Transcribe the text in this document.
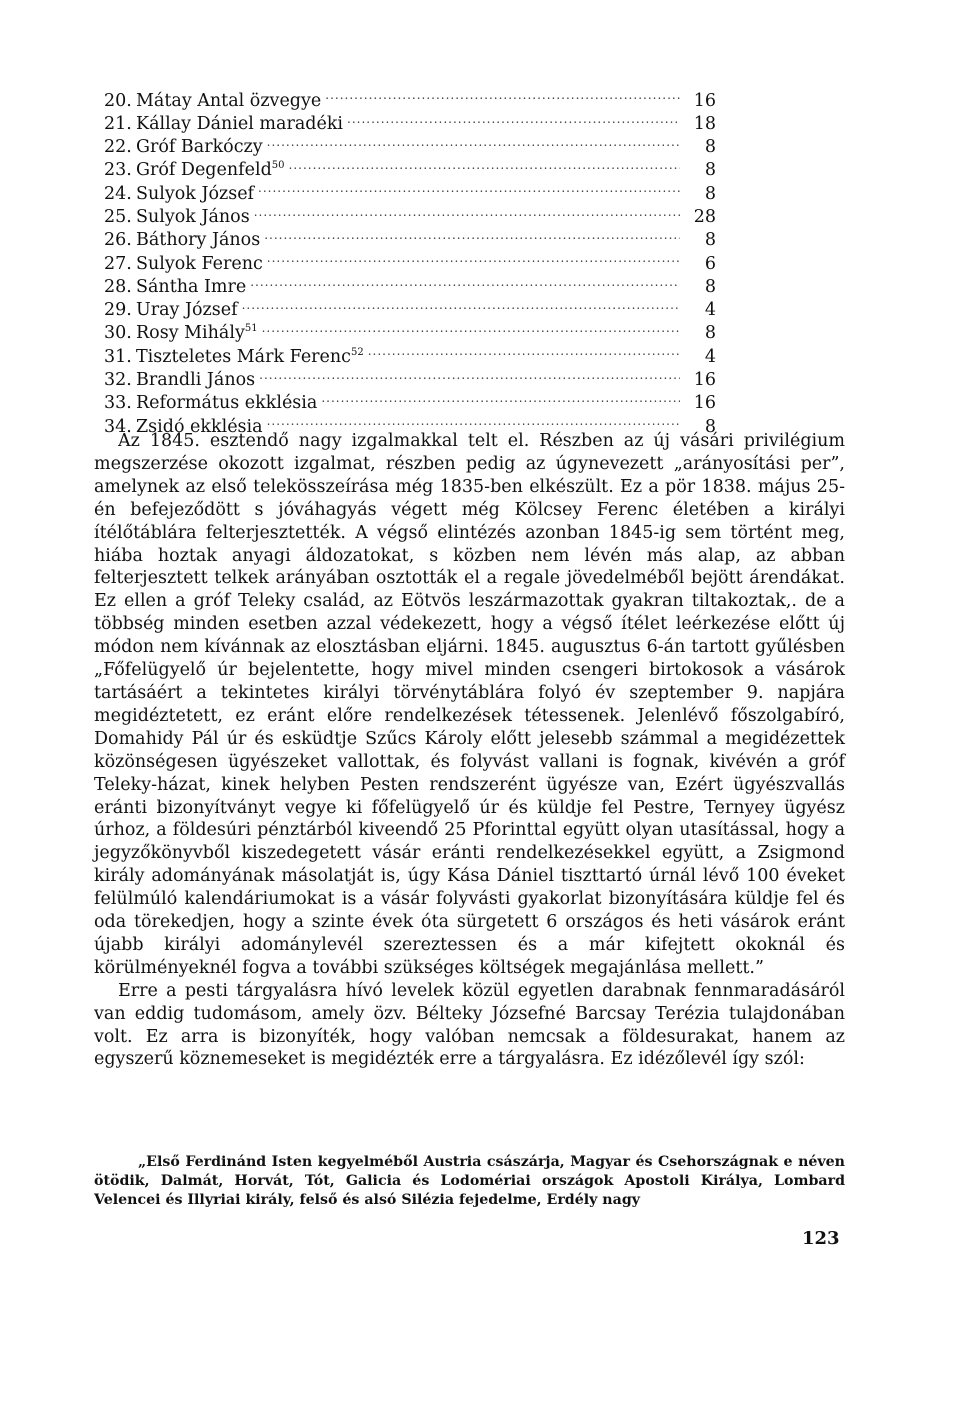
20. Mátay Antal özvegye .....	16
21. Kállay Dániel maradéki .....	18
22. Gróf Barkóczy .....	8
23. Gróf Degenfeld$^{50}$ .....	8
24. Sulyok József .....	8
25. Sulyok János .....	28
26. Báthory János .....	8
27. Sulyok Ferenc .....	6
28. Sántha Imre .....	8
29. Uray József .....	4
30. Rosy Mihály$^{51}$ .....	8
31. Tiszteletes Márk Ferenc$^{52}$ .....	4
32. Brandli János .....	16
33. Református ekklésia .....	16
34. Zsidó ekklésia .....	8

Az 1845. esztendő nagy izgalmakkal telt el. Részben az új vásári privilégium megszerzése okozott izgalmat, részben pedig az úgynevezett „arányosítási per”, amelynek az első telekösszeírása még 1835-ben elkészült. Ez a pör 1838. május 25-én befejeződött s jóváhagyás végett még Kölcsey Ferenc életében a királyi ítélőtáblára felterjesztették. A végső elintézés azonban 1845-ig sem történt meg, hiába hoztak anyagi áldozatokat, s közben nem lévén más alap, az abban felterjesztett telkek arányában osztották el a regale jövedelméből bejött árendákat. Ez ellen a gróf Teleky család, az Eötvös leszármazottak gyakran tiltakoztak,. de a többség minden esetben azzal védekezett, hogy a végső ítélet leérkezése előtt új módon nem kívánnak az elosztásban eljárni. 1845. augusztus 6-án tartott gyűlésben „Főfelügyelő úr bejelentette, hogy mivel minden csengeri birtokosok a vásárok tartásáért a tekintetes királyi törvénytáblára folyó év szeptember 9. napjára megidéztetett, ez eránt előre rendelkezések tétessenek. Jelenlévő főszolgabíró, Domahidy Pál úr és esküdtje Szűcs Károly előtt jelesebb számmal a megidézettek közönségesen ügyészeket vallottak, és folyvást vallani is fognak, kivévén a gróf Teleky-házat, kinek helyben Pesten rendszerént ügyésze van, Ezért ügyészvallás eránti bizonyítványt vegye ki főfelügyelő úr és küldje fel Pestre, Ternyey ügyész úrhoz, a földesúri pénztárból kiveendő 25 Pforinttal együtt olyan utasítással, hogy a jegyzőkönyvből kiszedegetett vásár eránti rendelkezésekkel együtt, a Zsigmond király adományának másolatját is, úgy Kása Dániel tiszttartó úrnál lévő 100 éveket felülmúló kalendáriumokat is a vásár folyvásti gyakorlat bizonyítására küldje fel és oda törekedjen, hogy a szinte évek óta sürgetett 6 országos és heti vásárok eránt újabb királyi adománylevél szereztessen és a már kifejtett okoknál és körülményeknél fogva a további szükséges költségek megajánlása mellett.”

Erre a pesti tárgyalásra hívó levelek közül egyetlen darabnak fennmaradásáról van eddig tudomásom, amely özv. Bélteky Józsefné Barcsay Terézia tulajdonában volt. Ez arra is bizonyíték, hogy valóban nemcsak a földesurakat, hanem az egyszerű köznemeseket is megidézték erre a tárgyalásra. Ez idézőlevél így szól:

„Első Ferdinánd Isten kegyelméből Austria császárja, Magyar és Csehországnak e néven ötödik, Dalmát, Horvát, Tót, Galicia és Lodomériai országok Apostoli Királya, Lombard Velencei és Illyriai király, felső és alsó Silézia fejedelme, Erdély nagy

123
